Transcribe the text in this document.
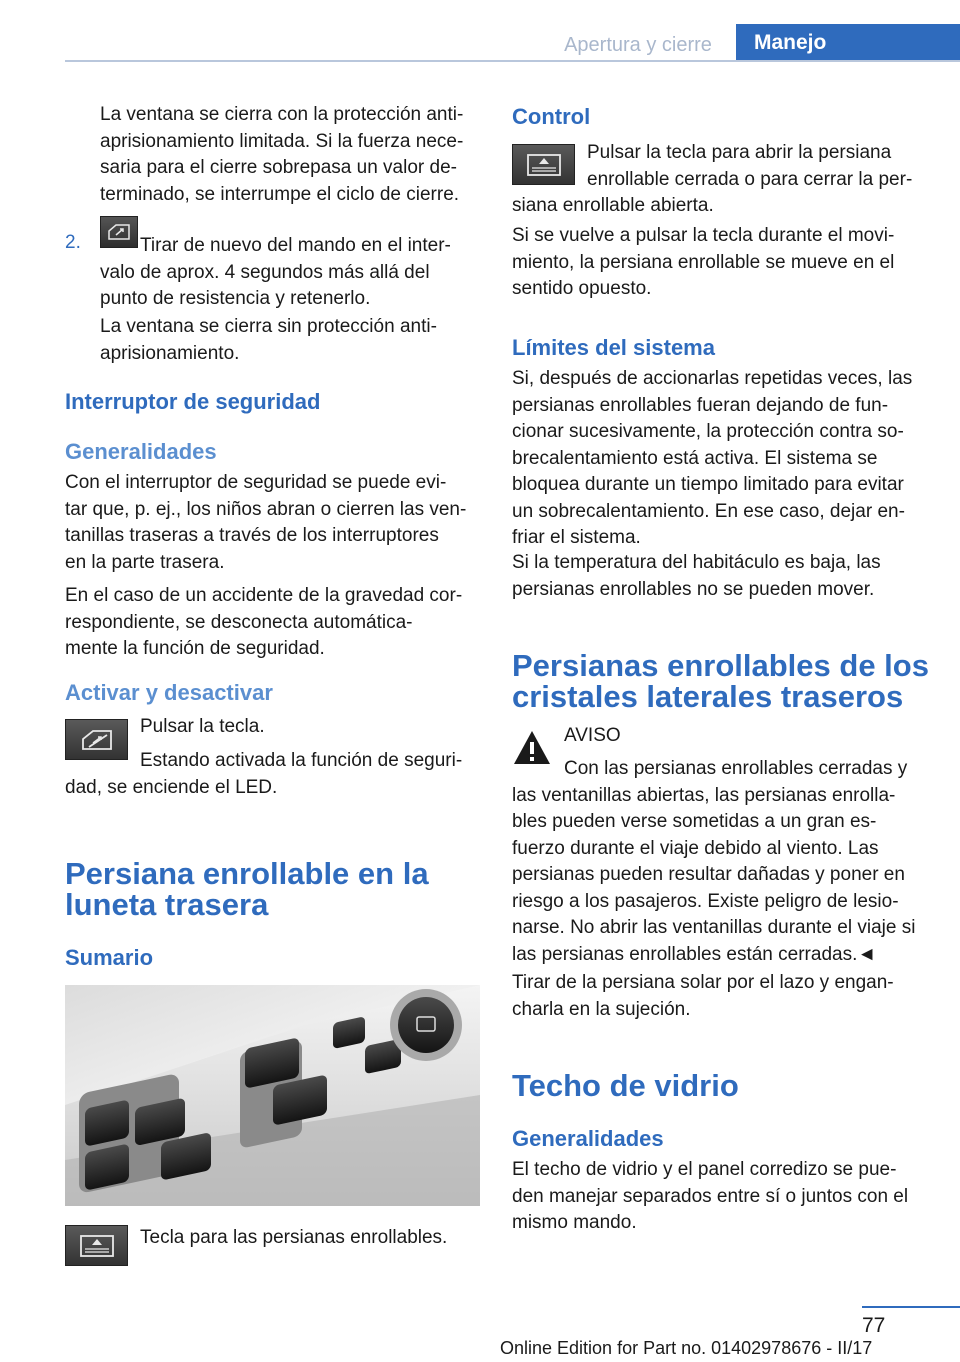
Apertura y cierre	Manejo
La ventana se cierra con la protección anti-
aprisionamiento limitada. Si la fuerza nece-
saria para el cierre sobrepasa un valor de-
terminado, se interrumpe el ciclo de cierre.
2.	Tirar de nuevo del mando en el inter-
valo de aprox. 4 segundos más allá del
punto de resistencia y retenerlo.
La ventana se cierra sin protección anti-
aprisionamiento.
Interruptor de seguridad
Generalidades
Con el interruptor de seguridad se puede evi-
tar que, p. ej., los niños abran o cierren las ven-
tanillas traseras a través de los interruptores
en la parte trasera.
En el caso de un accidente de la gravedad cor-
respondiente, se desconecta automática-
mente la función de seguridad.
Activar y desactivar
Pulsar la tecla.
Estando activada la función de seguri-
dad, se enciende el LED.
Persiana enrollable en la
luneta trasera
Sumario
Tecla para las persianas enrollables.
Control
Pulsar la tecla para abrir la persiana
enrollable cerrada o para cerrar la per-
siana enrollable abierta.
Si se vuelve a pulsar la tecla durante el movi-
miento, la persiana enrollable se mueve en el
sentido opuesto.
Límites del sistema
Si, después de accionarlas repetidas veces, las
persianas enrollables fueran dejando de fun-
cionar sucesivamente, la protección contra so-
brecalentamiento está activa. El sistema se
bloquea durante un tiempo limitado para evitar
un sobrecalentamiento. En ese caso, dejar en-
friar el sistema.
Si la temperatura del habitáculo es baja, las
persianas enrollables no se pueden mover.
Persianas enrollables de los
cristales laterales traseros
AVISO
Con las persianas enrollables cerradas y
las ventanillas abiertas, las persianas enrolla-
bles pueden verse sometidas a un gran es-
fuerzo durante el viaje debido al viento. Las
persianas pueden resultar dañadas y poner en
riesgo a los pasajeros. Existe peligro de lesio-
narse. No abrir las ventanillas durante el viaje si
las persianas enrollables están cerradas.◄
Tirar de la persiana solar por el lazo y engan-
charla en la sujeción.
Techo de vidrio
Generalidades
El techo de vidrio y el panel corredizo se pue-
den manejar separados entre sí o juntos con el
mismo mando.
77
Online Edition for Part no. 01402978676 - II/17
